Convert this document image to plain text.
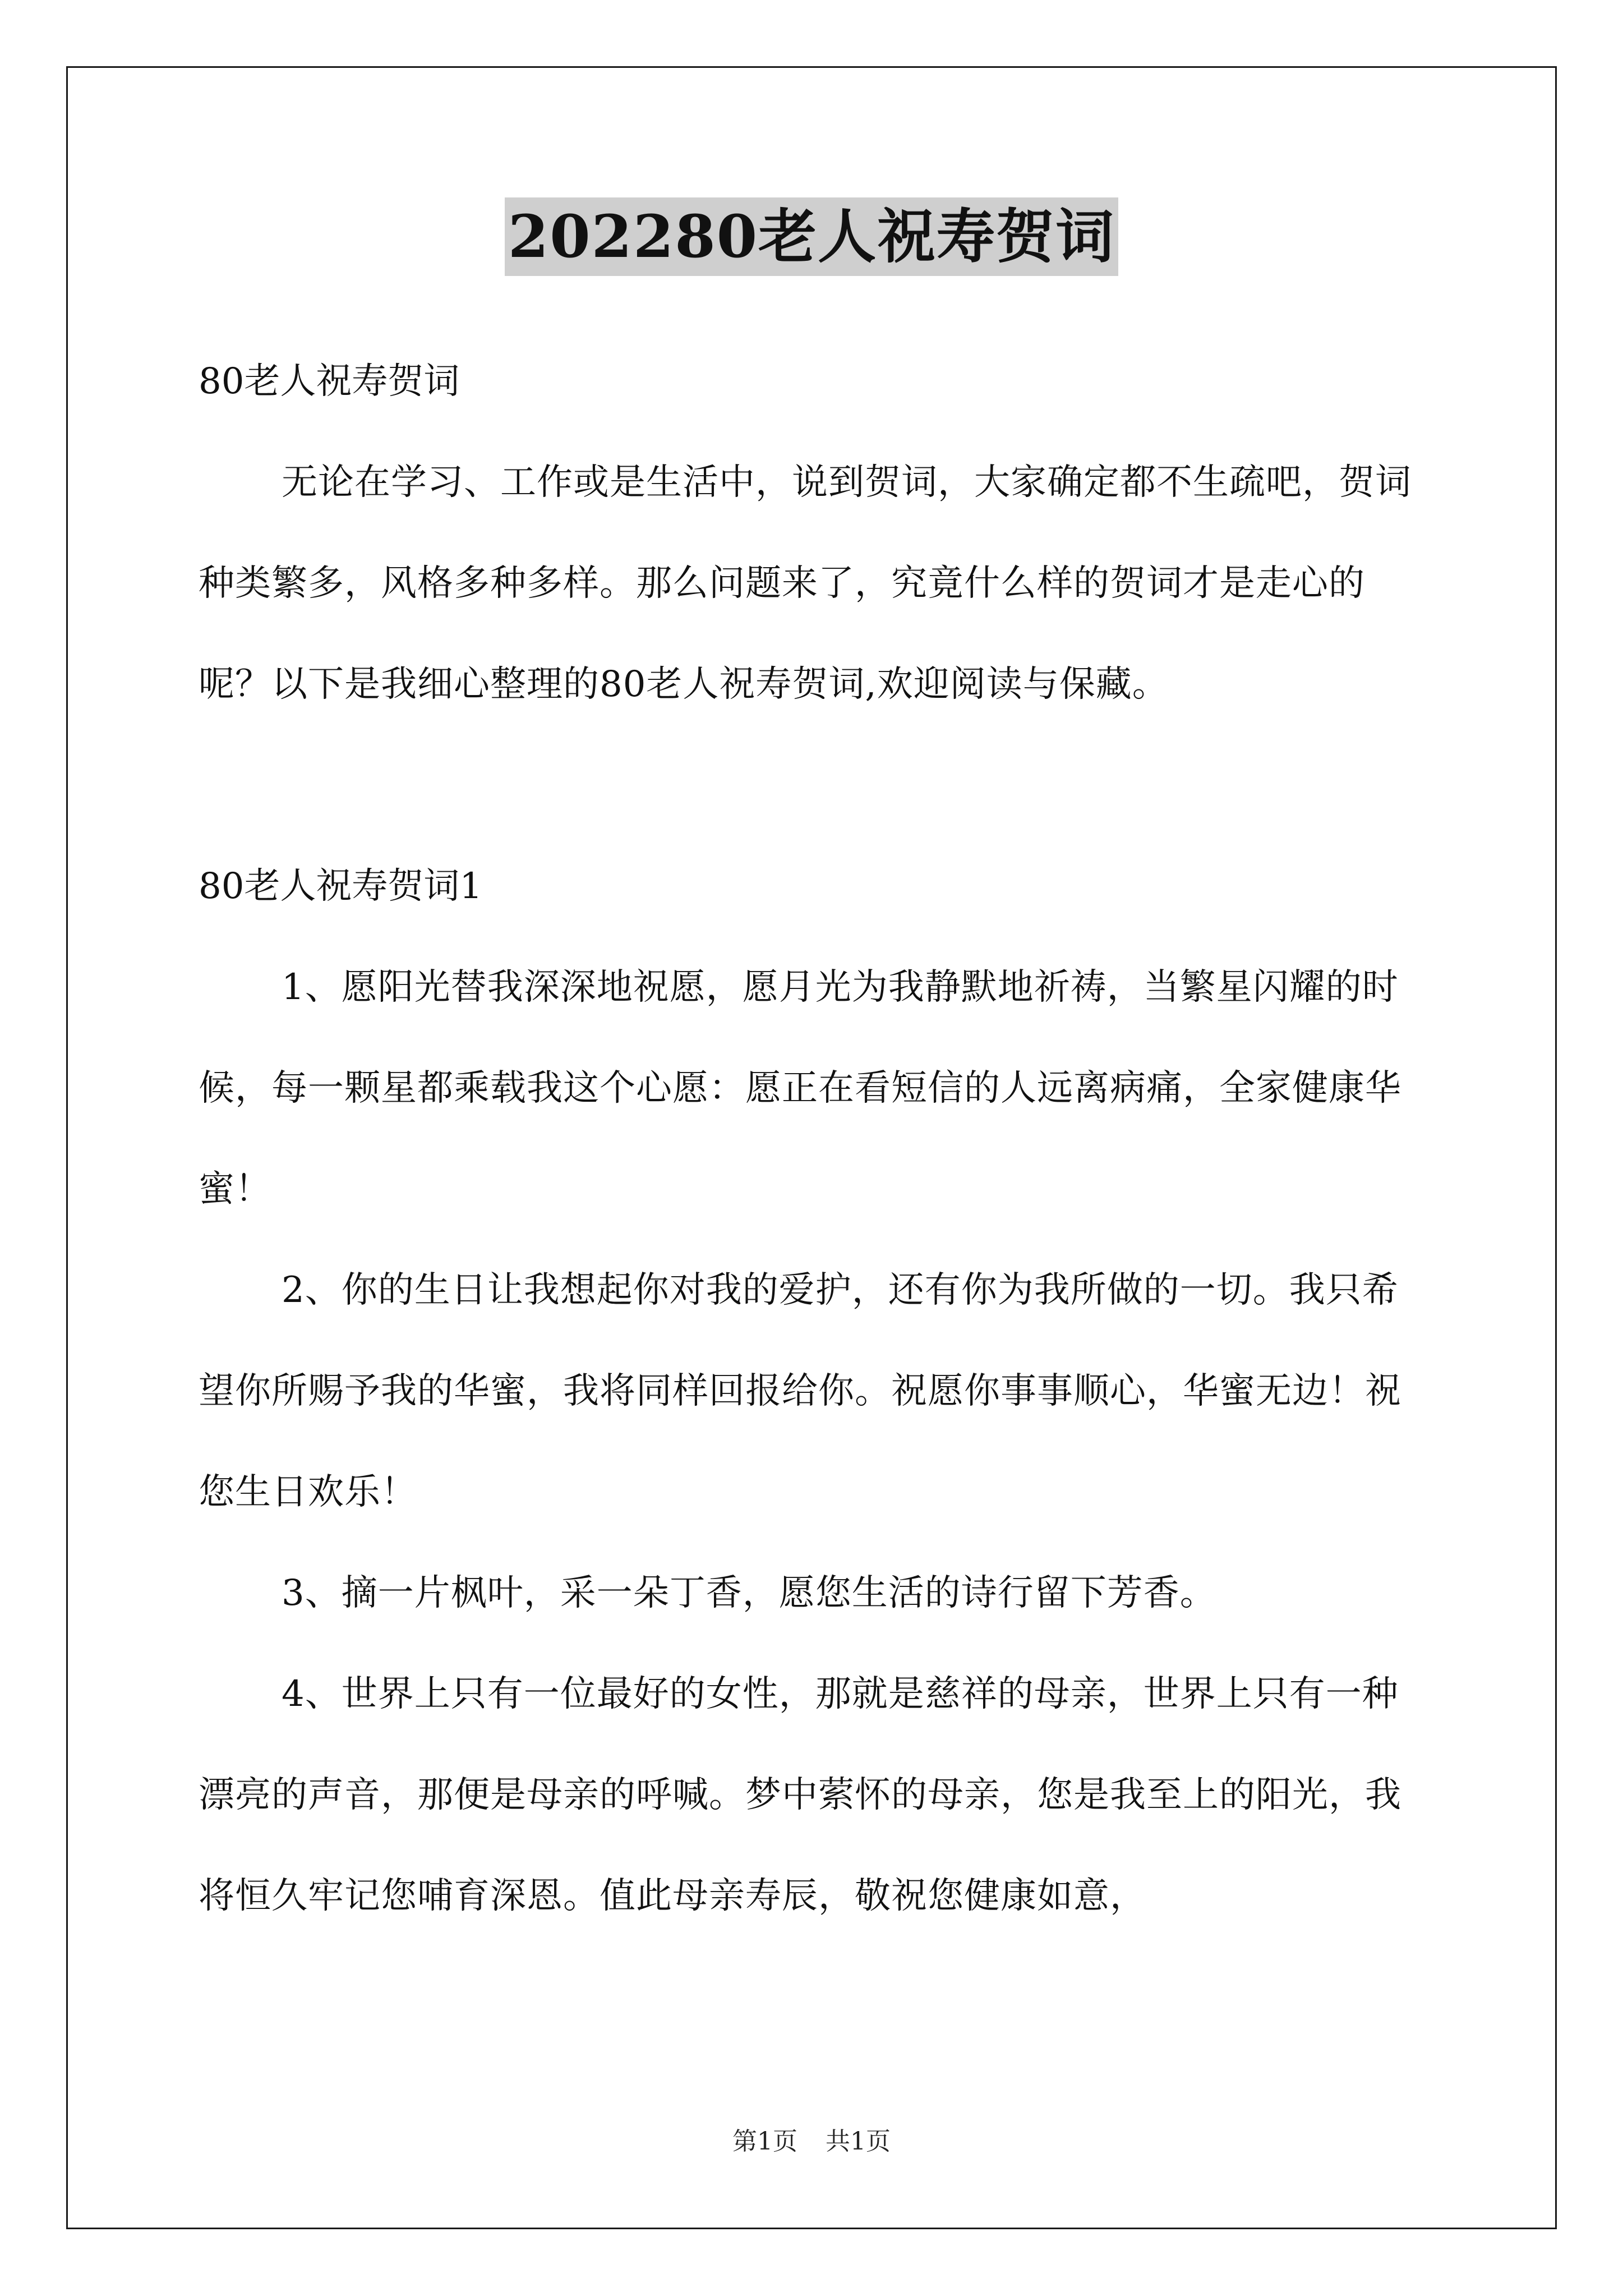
202280老人祝寿贺词

80老人祝寿贺词

无论在学习、工作或是生活中，说到贺词，大家确定都不生疏吧，贺词种类繁多，风格多种多样。那么问题来了，究竟什么样的贺词才是走心的呢？以下是我细心整理的80老人祝寿贺词,欢迎阅读与保藏。

80老人祝寿贺词1

1、愿阳光替我深深地祝愿，愿月光为我静默地祈祷，当繁星闪耀的时候，每一颗星都乘载我这个心愿：愿正在看短信的人远离病痛，全家健康华蜜！

2、你的生日让我想起你对我的爱护，还有你为我所做的一切。我只希望你所赐予我的华蜜，我将同样回报给你。祝愿你事事顺心，华蜜无边！祝您生日欢乐！

3、摘一片枫叶，采一朵丁香，愿您生活的诗行留下芳香。

4、世界上只有一位最好的女性，那就是慈祥的母亲，世界上只有一种漂亮的声音，那便是母亲的呼喊。梦中萦怀的母亲，您是我至上的阳光，我将恒久牢记您哺育深恩。值此母亲寿辰，敬祝您健康如意，

第1页 共1页
